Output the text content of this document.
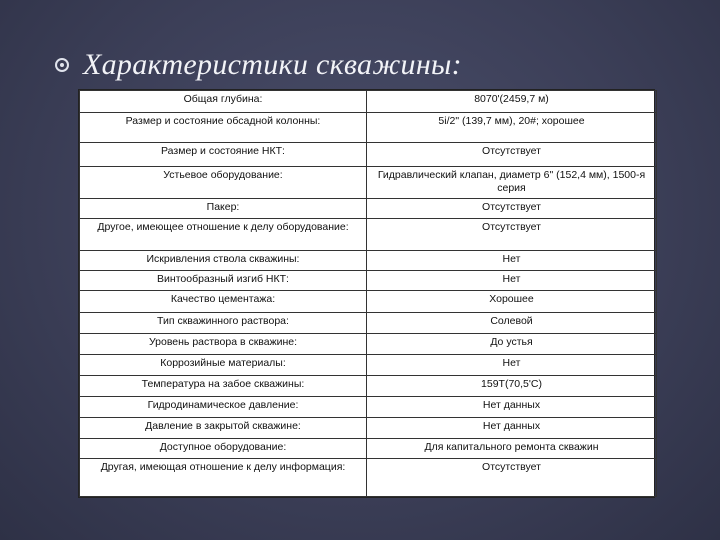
Характеристики скважины:
Общая глубина:	8070'(2459,7 м)
Размер и состояние обсадной колонны:	5i/2" (139,7 мм), 20#; хорошее
Размер и состояние НКТ:	Отсутствует
Устьевое оборудование:	Гидравлический клапан, диаметр 6" (152,4 мм), 1500-я серия
Пакер:	Отсутствует
Другое, имеющее отношение к делу оборудование:	Отсутствует
Искривления ствола скважины:	Нет
Винтообразный изгиб НКТ:	Нет
Качество цементажа:	Хорошее
Тип скважинного раствора:	Солевой
Уровень раствора в скважине:	До устья
Коррозийные материалы:	Нет
Температура на забое скважины:	159Т(70,5'С)
Гидродинамическое давление:	Нет данных
Давление в закрытой скважине:	Нет данных
Доступное оборудование:	Для капитального ремонта скважин
Другая, имеющая отношение к делу информация:	Отсутствует
